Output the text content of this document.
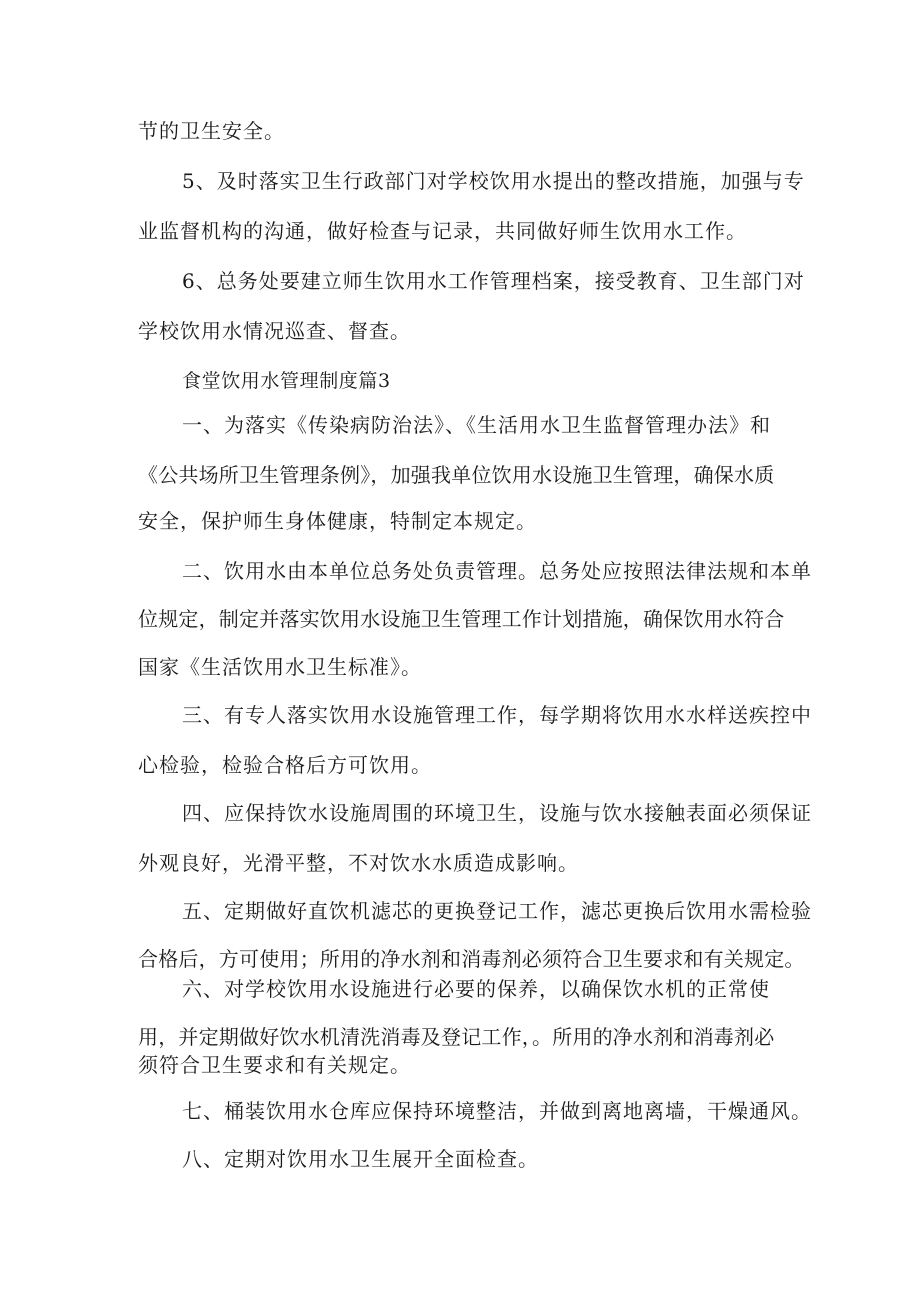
节的卫生安全。

5、及时落实卫生行政部门对学校饮用水提出的整改措施，加强与专

业监督机构的沟通，做好检查与记录，共同做好师生饮用水工作。

6、总务处要建立师生饮用水工作管理档案，接受教育、卫生部门对

学校饮用水情况巡查、督查。

食堂饮用水管理制度篇3

一、为落实《传染病防治法》、《生活用水卫生监督管理办法》和

《公共场所卫生管理条例》，加强我单位饮用水设施卫生管理，确保水质

安全，保护师生身体健康，特制定本规定。

二、饮用水由本单位总务处负责管理。总务处应按照法律法规和本单

位规定，制定并落实饮用水设施卫生管理工作计划措施，确保饮用水符合

国家《生活饮用水卫生标准》。

三、有专人落实饮用水设施管理工作，每学期将饮用水水样送疾控中

心检验，检验合格后方可饮用。

四、应保持饮水设施周围的环境卫生，设施与饮水接触表面必须保证

外观良好，光滑平整，不对饮水水质造成影响。

五、定期做好直饮机滤芯的更换登记工作，滤芯更换后饮用水需检验

合格后，方可使用；所用的净水剂和消毒剂必须符合卫生要求和有关规定。

六、对学校饮用水设施进行必要的保养，以确保饮水机的正常使

用，并定期做好饮水机清洗消毒及登记工作，。所用的净水剂和消毒剂必

须符合卫生要求和有关规定。

七、桶装饮用水仓库应保持环境整洁，并做到离地离墙，干燥通风。

八、定期对饮用水卫生展开全面检查。
